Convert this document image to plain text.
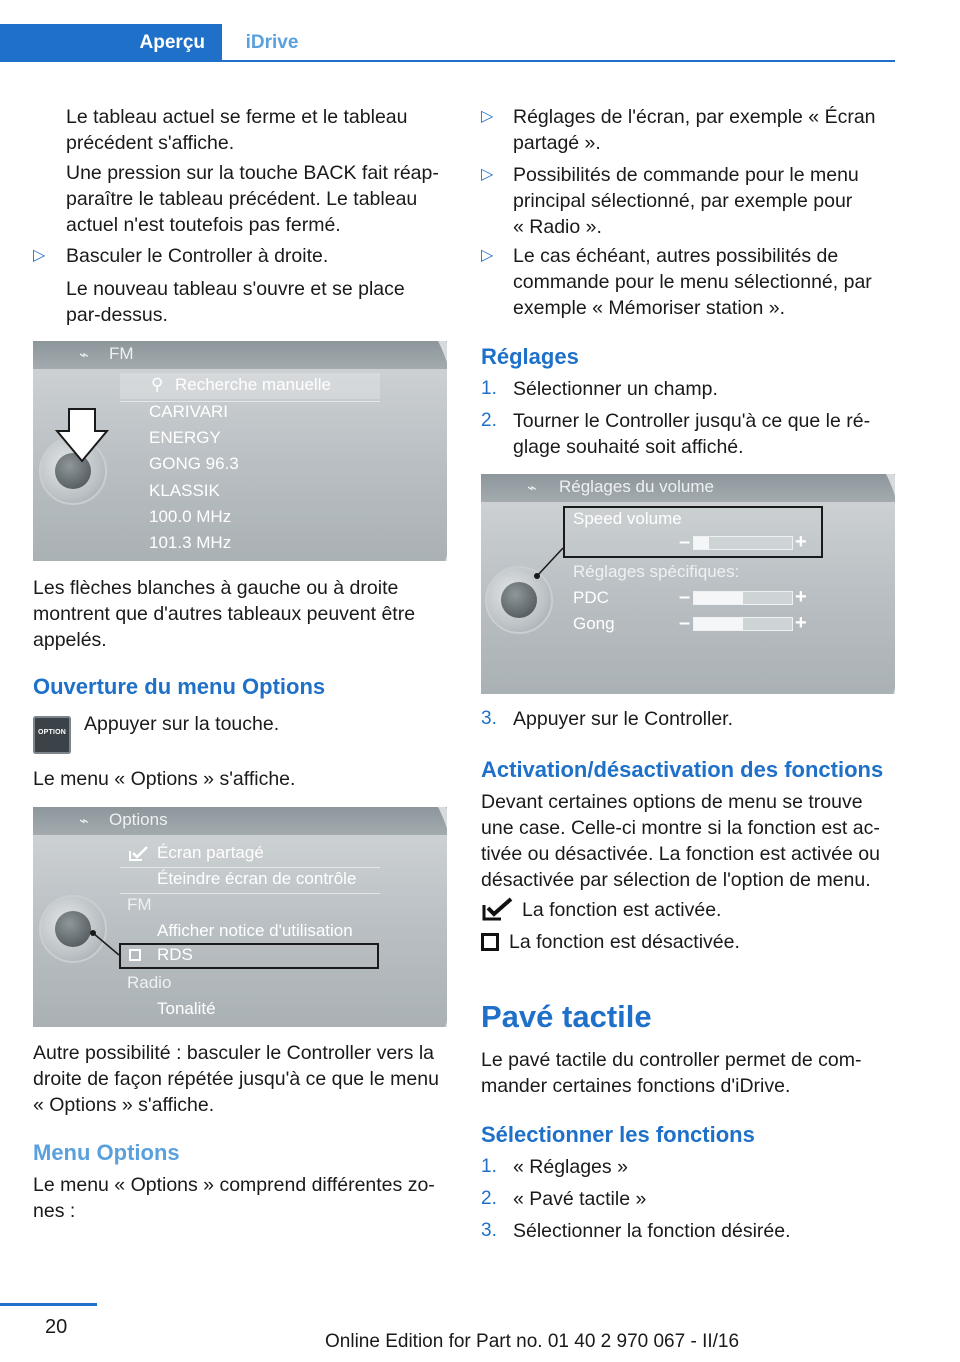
Aperçu	iDrive

Le tableau actuel se ferme et le tableau
précédent s'affiche.

Une pression sur la touche BACK fait réap‐
paraître le tableau précédent. Le tableau
actuel n'est toutefois pas fermé.

▷ Basculer le Controller à droite.

Le nouveau tableau s'ouvre et se place
par-dessus.

⌁ FM
⚲ Recherche manuelle
CARIVARI
ENERGY
GONG 96.3
KLASSIK
100.0 MHz
101.3 MHz

Les flèches blanches à gauche ou à droite
montrent que d'autres tableaux peuvent être
appelés.

Ouverture du menu Options
OPTION Appuyer sur la touche.

Le menu « Options » s'affiche.

⌁ Options
Écran partagé
Éteindre écran de contrôle
FM
Afficher notice d'utilisation
RDS
Radio
Tonalité

Autre possibilité : basculer le Controller vers la
droite de façon répétée jusqu'à ce que le menu
« Options » s'affiche.

Menu Options

Le menu « Options » comprend différentes zo‐
nes :

▷ Réglages de l'écran, par exemple « Écran
partagé ».

▷ Possibilités de commande pour le menu
principal sélectionné, par exemple pour
« Radio ».

▷ Le cas échéant, autres possibilités de
commande pour le menu sélectionné, par
exemple « Mémoriser station ».

Réglages
1. Sélectionner un champ.

2. Tourner le Controller jusqu'à ce que le ré‐
glage souhaité soit affiché.

⌁ Réglages du volume
Speed volume
–	+
Réglages spécifiques:
PDC	–	+
Gong	–	+
3. Appuyer sur le Controller.

Activation/désactivation des fonctions

Devant certaines options de menu se trouve
une case. Celle-ci montre si la fonction est ac‐
tivée ou désactivée. La fonction est activée ou
désactivée par sélection de l'option de menu.

La fonction est activée.

La fonction est désactivée.

Pavé tactile

Le pavé tactile du controller permet de com‐
mander certaines fonctions d'iDrive.

Sélectionner les fonctions
1. « Réglages »

2. « Pavé tactile »

3. Sélectionner la fonction désirée.

20
Online Edition for Part no. 01 40 2 970 067 - II/16
